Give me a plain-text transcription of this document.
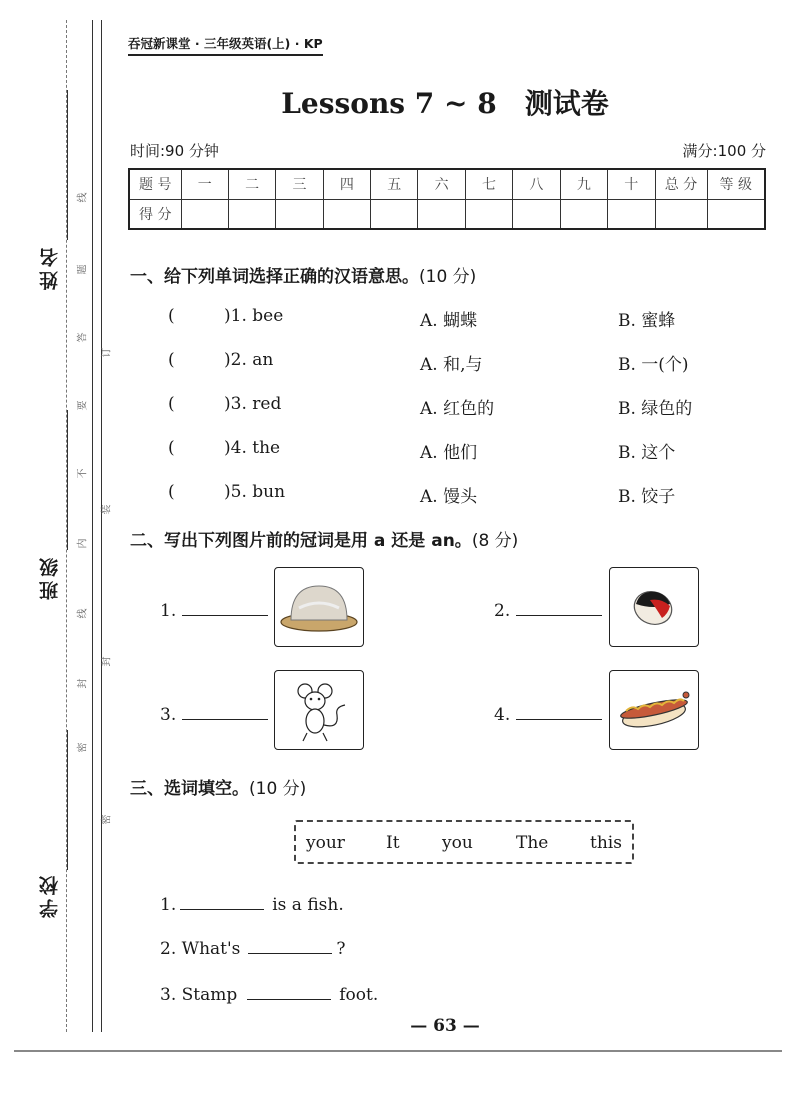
姓名
班级
学校
线
题
答
订
要
不
装
内
线
封
封
密
密
吞冠新课堂 · 三年级英语(上) · KP
Lessons 7 ~ 8 测试卷
时间:90 分钟	满分:100 分
题 号	一	二	三	四	五	六	七	八	九	十	总 分	等 级
得 分												
一、给下列单词选择正确的汉语意思。(10 分)
(	)1. bee	A. 蝴蝶	B. 蜜蜂
(	)2. an	A. 和,与	B. 一(个)
(	)3. red	A. 红色的	B. 绿色的
(	)4. the	A. 他们	B. 这个
(	)5. bun	A. 馒头	B. 饺子
二、写出下列图片前的冠词是用 a 还是 an。(8 分)
1.	2.
3.	4.
三、选词填空。(10 分)
your It you	The this
1.	is a fish.
2. What's	?
3. Stamp	foot.
— 63 —
